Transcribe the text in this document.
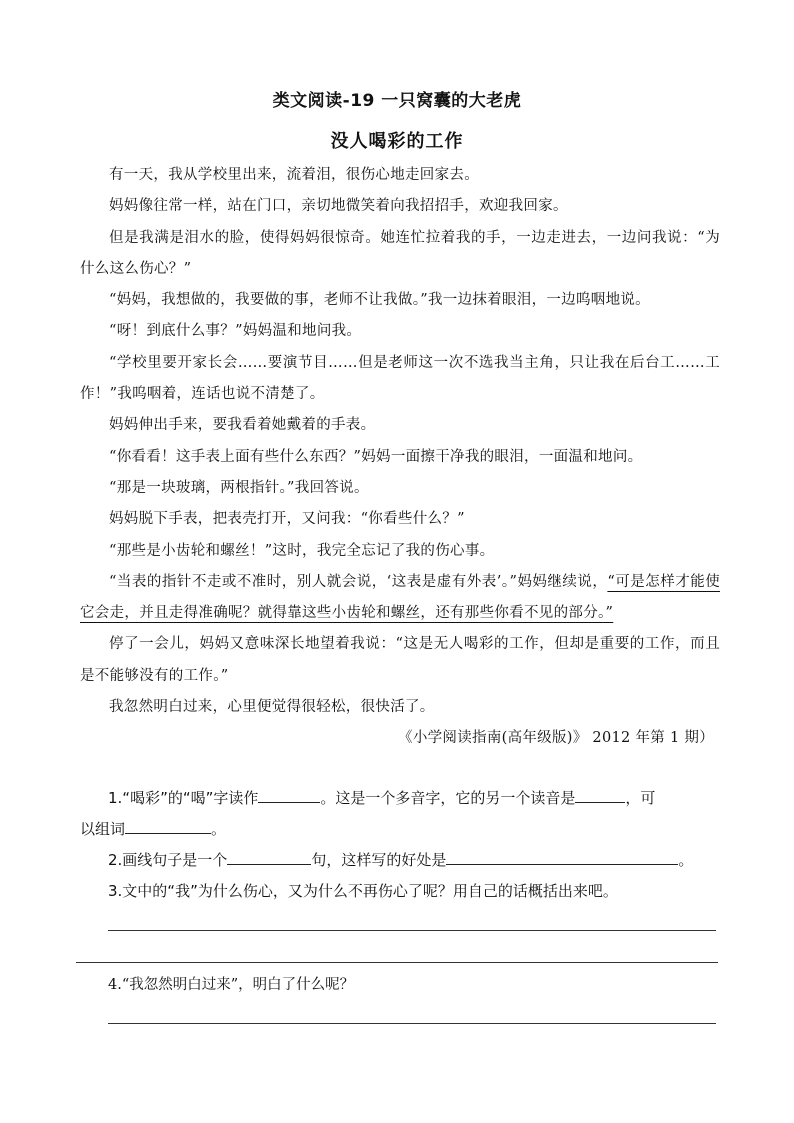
类文阅读-19 一只窝囊的大老虎
没人喝彩的工作

有一天，我从学校里出来，流着泪，很伤心地走回家去。

妈妈像往常一样，站在门口，亲切地微笑着向我招招手，欢迎我回家。

但是我满是泪水的脸，使得妈妈很惊奇。她连忙拉着我的手，一边走进去，一边问我说：“为什么这么伤心？”

“妈妈，我想做的，我要做的事，老师不让我做。”我一边抹着眼泪，一边呜咽地说。

“呀！到底什么事？”妈妈温和地问我。

“学校里要开家长会……要演节目……但是老师这一次不选我当主角，只让我在后台工……工作！”我呜咽着，连话也说不清楚了。

妈妈伸出手来，要我看着她戴着的手表。

“你看看！这手表上面有些什么东西？”妈妈一面擦干净我的眼泪，一面温和地问。

“那是一块玻璃，两根指针。”我回答说。

妈妈脱下手表，把表壳打开，又问我：“你看些什么？”

“那些是小齿轮和螺丝！”这时，我完全忘记了我的伤心事。

“当表的指针不走或不准时，别人就会说，‘这表是虚有外表’。”妈妈继续说，“可是怎样才能使它会走，并且走得准确呢？就得靠这些小齿轮和螺丝，还有那些你看不见的部分。”

停了一会儿，妈妈又意味深长地望着我说：“这是无人喝彩的工作，但却是重要的工作，而且是不能够没有的工作。”

我忽然明白过来，心里便觉得很轻松，很快活了。

《小学阅读指南(高年级版)》 2012 年第 1 期）

1.“喝彩”的“喝”字读作	。这是一个多音字，它的另一个读音是	，可

以组词	。

2.画线句子是一个	句，这样写的好处是	。

3.文中的“我”为什么伤心，又为什么不再伤心了呢？用自己的话概括出来吧。

4.“我忽然明白过来”，明白了什么呢？
